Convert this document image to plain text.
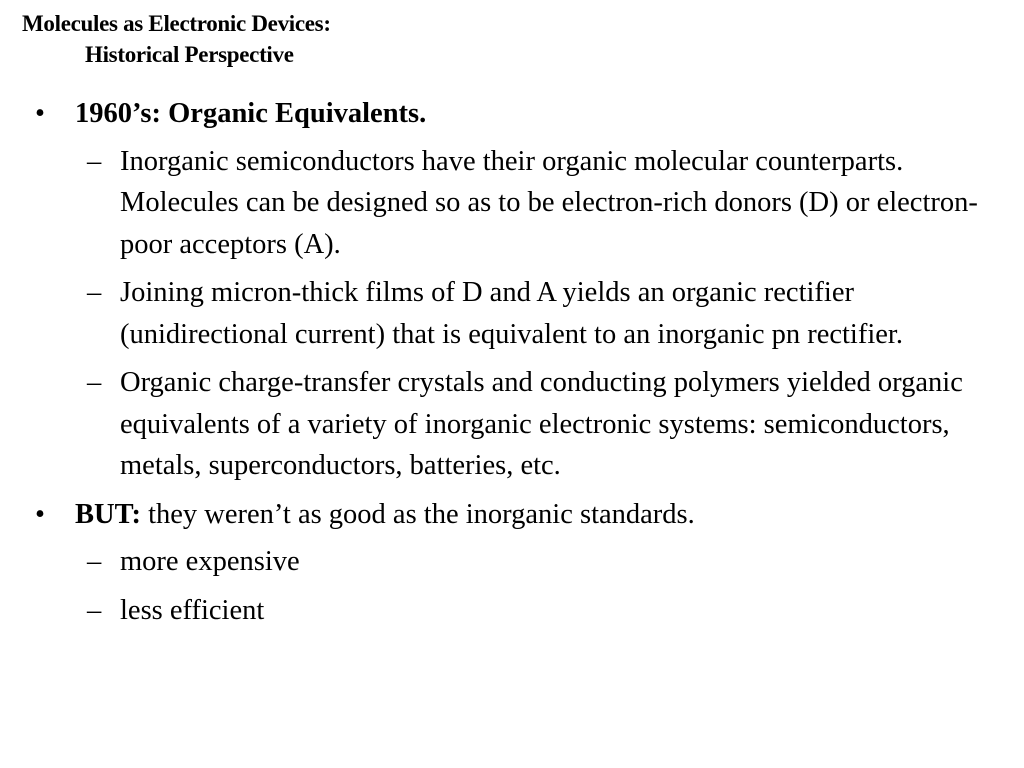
Molecules as Electronic Devices:
Historical Perspective
• 1960’s: Organic Equivalents.
– Inorganic semiconductors have their organic molecular counterparts. Molecules can be designed so as to be electron-rich donors (D) or electron-poor acceptors (A).
– Joining micron-thick films of D and A yields an organic rectifier (unidirectional current) that is equivalent to an inorganic pn rectifier.
– Organic charge-transfer crystals and conducting polymers yielded organic equivalents of a variety of inorganic electronic systems: semiconductors, metals, superconductors, batteries, etc.
• BUT: they weren’t as good as the inorganic standards.
– more expensive
– less efficient
